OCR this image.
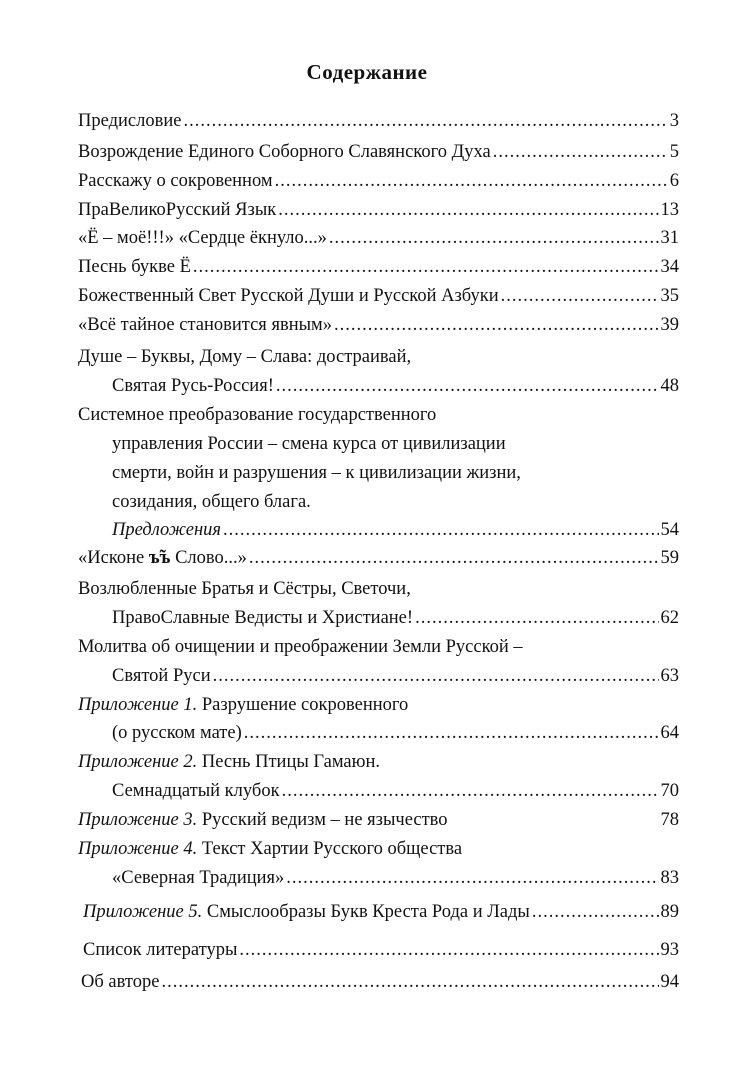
Содержание
Предисловие .....	3
Возрождение Единого Соборного Славянского Духа .....	5
Расскажу о сокровенном .....	6
ПраВеликоРусский Язык .....	13
«Ё – моё!!!» «Сердце ёкнуло...» .....	31
Песнь букве Ё .....	34
Божественный Свет Русской Души и Русской Азбуки .....	35
«Всё тайное становится явным» .....	39
Душе – Буквы, Дому – Слава: достраивай,
Святая Русь-Россия! .....	48
Системное преобразование государственного
управления России – смена курса от цивилизации
смерти, войн и разрушения – к цивилизации жизни,
созидания, общего блага.
Предложения .....	54
«Исконе ъ̃ъ Слово...» .....	59
Возлюбленные Братья и Сёстры, Светочи,
ПравоСлавные Ведисты и Христиане! .....	62
Молитва об очищении и преображении Земли Русской –
Святой Руси .....	63
Приложение 1. Разрушение сокровенного
(о русском мате) .....	64
Приложение 2. Песнь Птицы Гамаюн.
Семнадцатый клубок .....	70
Приложение 3. Русский ведизм – не язычество	78
Приложение 4. Текст Хартии Русского общества
«Северная Традиция» .....	83
Приложение 5. Смыслообразы Букв Креста Рода и Лады .....	89
Список литературы .....	93
Об авторе .....	94
